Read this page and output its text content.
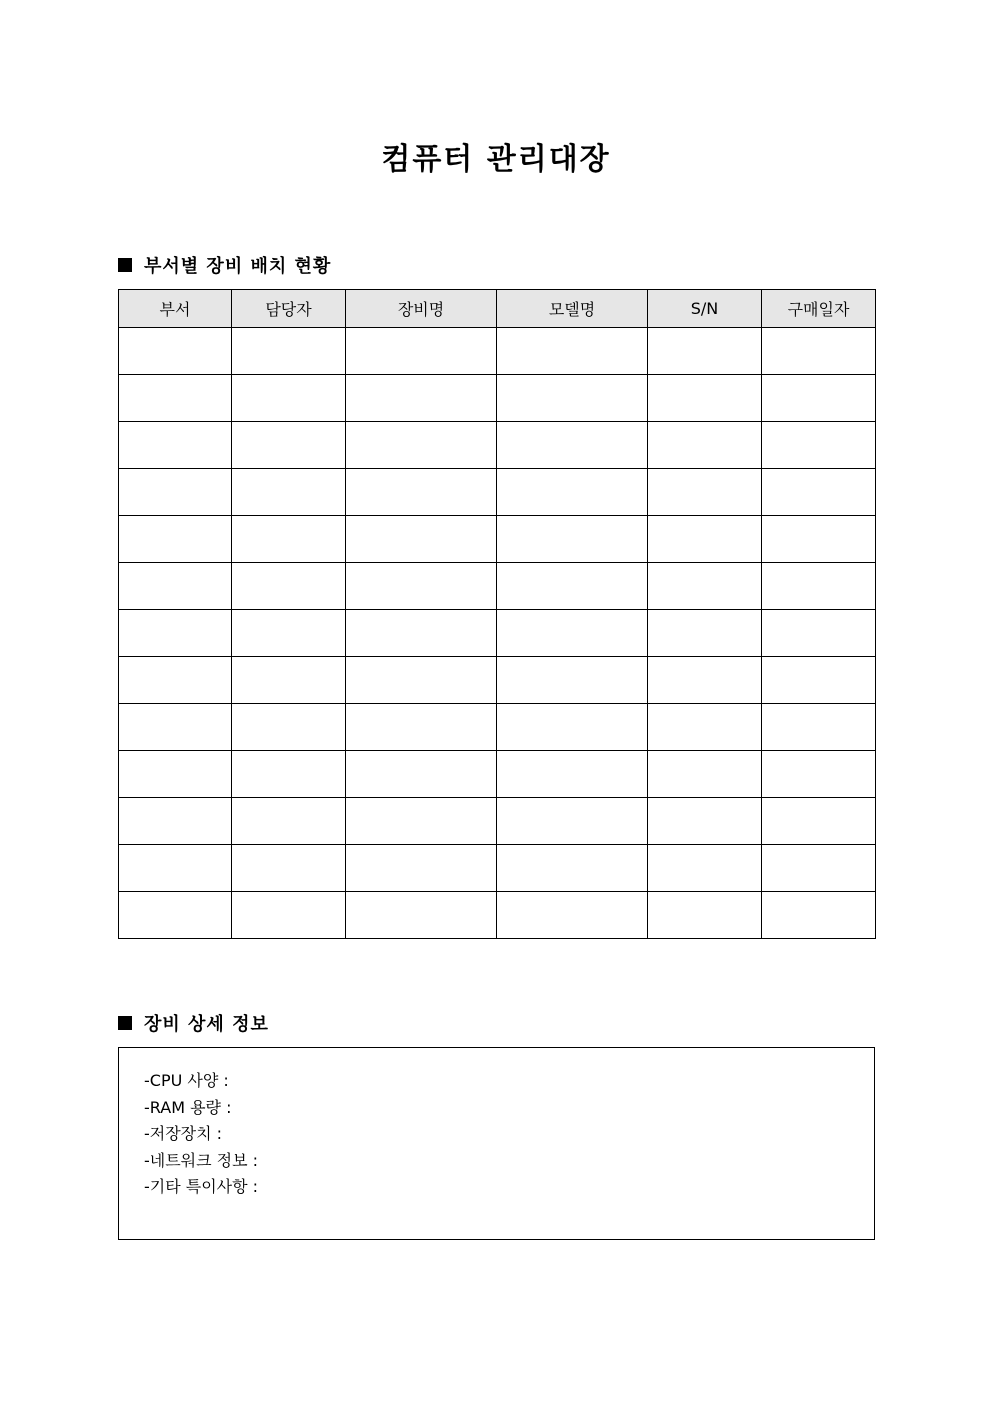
컴퓨터 관리대장
부서별 장비 배치 현황
부서	담당자	장비명	모델명	S/N	구매일자

장비 상세 정보
-CPU 사양 :
-RAM 용량 :
-저장장치 :
-네트워크 정보 :
-기타 특이사항 :
